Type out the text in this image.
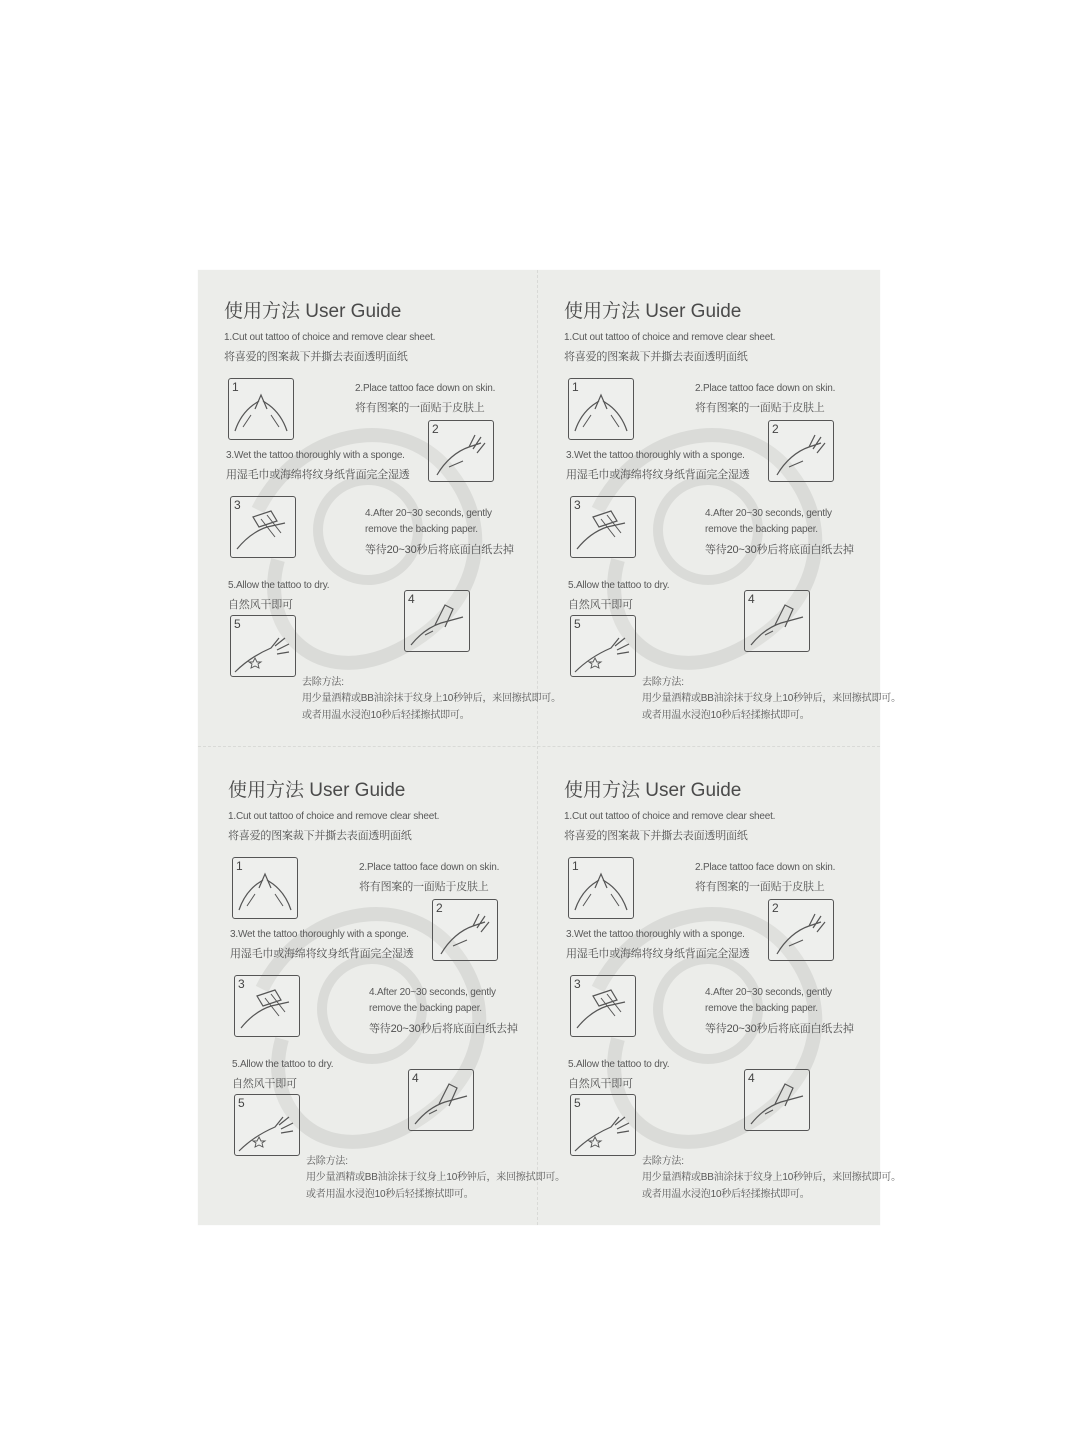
使用方法 User Guide
1.Cut out tattoo of choice and remove clear sheet.
将喜爱的图案裁下并撕去表面透明面纸
1	2.Place tattoo face down on skin.
将有图案的一面贴于皮肤上
2
3.Wet the tattoo thoroughly with a sponge.
用湿毛巾或海绵将纹身纸背面完全湿透
3
4.After 20~30 seconds, gently
remove the backing paper.
等待20~30秒后将底面白纸去掉
5.Allow the tattoo to dry.
自然风干即可	4
5
去除方法:
用少量酒精或BB油涂抹于纹身上10秒钟后，来回擦拭即可。
或者用温水浸泡10秒后轻揉擦拭即可。
使用方法 User Guide
1.Cut out tattoo of choice and remove clear sheet.
将喜爱的图案裁下并撕去表面透明面纸
1	2.Place tattoo face down on skin.
将有图案的一面贴于皮肤上
2
3.Wet the tattoo thoroughly with a sponge.
用湿毛巾或海绵将纹身纸背面完全湿透
3
4.After 20~30 seconds, gently
remove the backing paper.
等待20~30秒后将底面白纸去掉
5.Allow the tattoo to dry.
自然风干即可	4
5
去除方法:
用少量酒精或BB油涂抹于纹身上10秒钟后，来回擦拭即可。
或者用温水浸泡10秒后轻揉擦拭即可。
使用方法 User Guide
1.Cut out tattoo of choice and remove clear sheet.
将喜爱的图案裁下并撕去表面透明面纸
1	2.Place tattoo face down on skin.
将有图案的一面贴于皮肤上
2
3.Wet the tattoo thoroughly with a sponge.
用湿毛巾或海绵将纹身纸背面完全湿透
3
4.After 20~30 seconds, gently
remove the backing paper.
等待20~30秒后将底面白纸去掉
5.Allow the tattoo to dry.
自然风干即可	4
5
去除方法:
用少量酒精或BB油涂抹于纹身上10秒钟后，来回擦拭即可。
或者用温水浸泡10秒后轻揉擦拭即可。
使用方法 User Guide
1.Cut out tattoo of choice and remove clear sheet.
将喜爱的图案裁下并撕去表面透明面纸
1	2.Place tattoo face down on skin.
将有图案的一面贴于皮肤上
2
3.Wet the tattoo thoroughly with a sponge.
用湿毛巾或海绵将纹身纸背面完全湿透
3
4.After 20~30 seconds, gently
remove the backing paper.
等待20~30秒后将底面白纸去掉
5.Allow the tattoo to dry.
自然风干即可	4
5
去除方法:
用少量酒精或BB油涂抹于纹身上10秒钟后，来回擦拭即可。
或者用温水浸泡10秒后轻揉擦拭即可。
